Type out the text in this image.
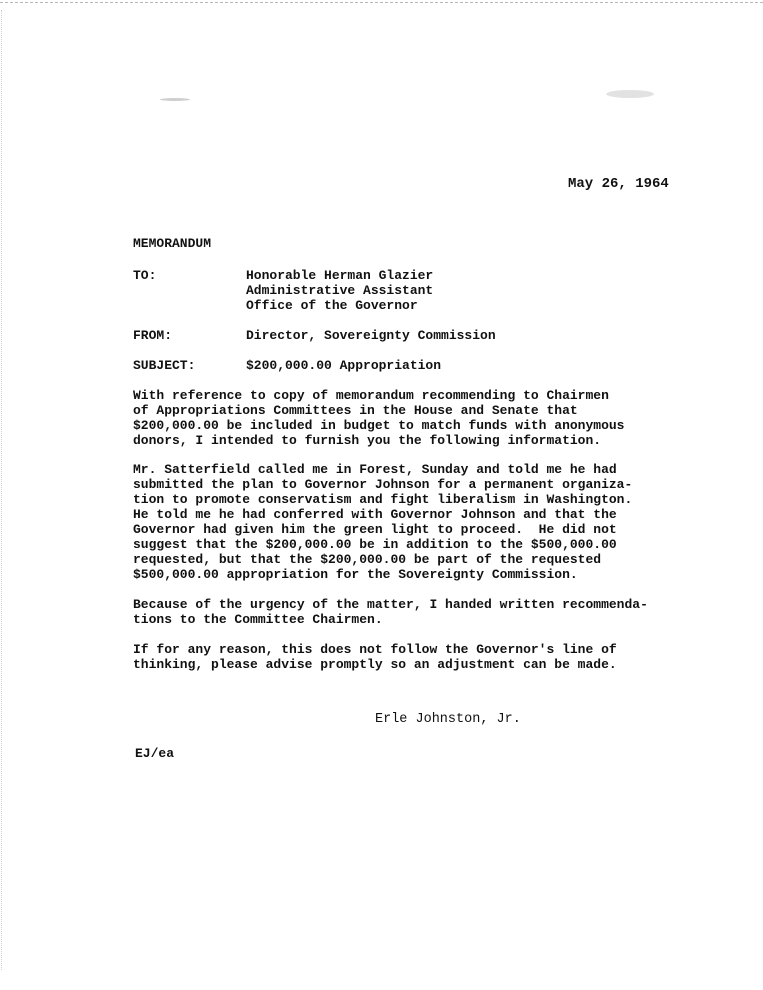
May 26, 1964
MEMORANDUM
TO:	Honorable Herman Glazier
Administrative Assistant
Office of the Governor
FROM:	Director, Sovereignty Commission
SUBJECT:	$200,000.00 Appropriation
With reference to copy of memorandum recommending to Chairmen
of Appropriations Committees in the House and Senate that
$200,000.00 be included in budget to match funds with anonymous
donors, I intended to furnish you the following information.
Mr. Satterfield called me in Forest, Sunday and told me he had
submitted the plan to Governor Johnson for a permanent organiza-
tion to promote conservatism and fight liberalism in Washington.
He told me he had conferred with Governor Johnson and that the
Governor had given him the green light to proceed.  He did not
suggest that the $200,000.00 be in addition to the $500,000.00
requested, but that the $200,000.00 be part of the requested
$500,000.00 appropriation for the Sovereignty Commission.
Because of the urgency of the matter, I handed written recommenda-
tions to the Committee Chairmen.
If for any reason, this does not follow the Governor's line of
thinking, please advise promptly so an adjustment can be made.
Erle Johnston, Jr.
EJ/ea
